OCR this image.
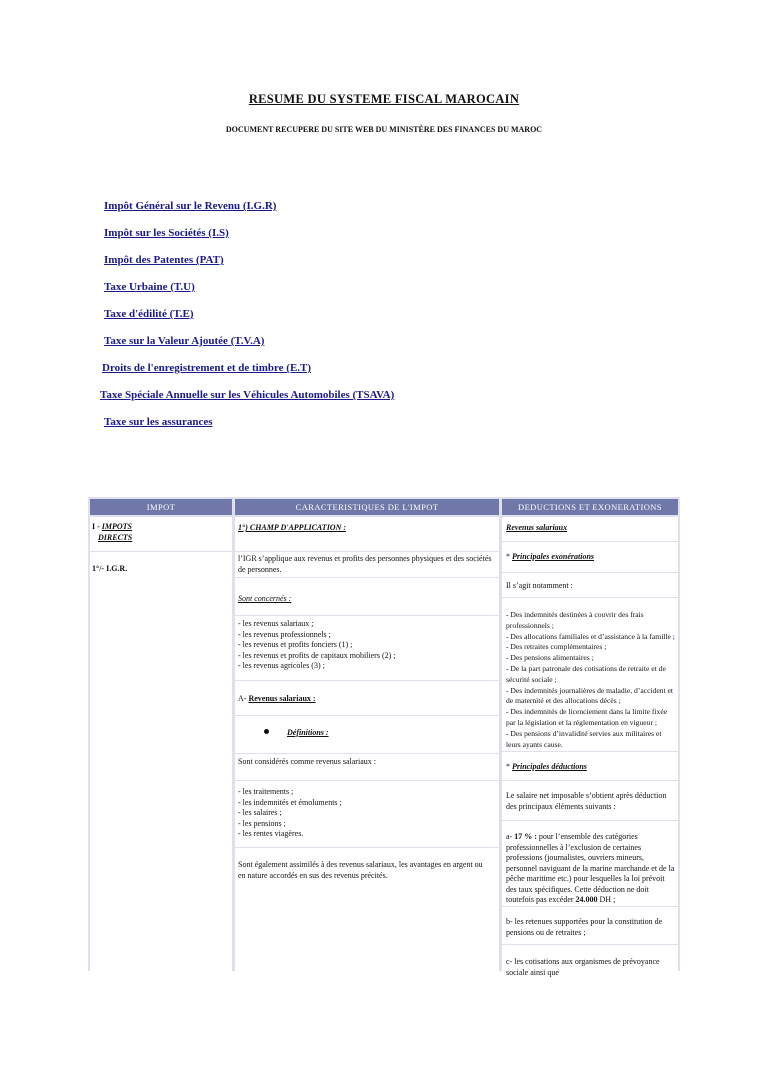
RESUME DU SYSTEME FISCAL MAROCAIN
DOCUMENT RECUPERE DU SITE WEB DU MINISTÈRE DES FINANCES DU MAROC
Impôt Général sur le Revenu (I.G.R)
Impôt sur les Sociétés (I.S)
Impôt des Patentes (PAT)
Taxe Urbaine (T.U)
Taxe d'édilité (T.E)
Taxe sur la Valeur Ajoutée (T.V.A)
Droits de l'enregistrement et de timbre (E.T)
Taxe Spéciale Annuelle sur les Véhicules Automobiles (TSAVA)
Taxe sur les assurances
IMPOT	CARACTERISTIQUES DE L'IMPOT	DEDUCTIONS ET EXONERATIONS
I - IMPOTS
DIRECTS
1°/- I.G.R.
1°) CHAMP D'APPLICATION :
l’IGR s’applique aux revenus et profits des personnes physiques et des sociétés de personnes.
Sont concernés :
- les revenus salariaux ;
- les revenus professionnels ;
- les revenus et profits fonciers (1) ;
- les revenus et profits de capitaux mobiliers (2) ;
- les revenus agricoles (3) ;
A- Revenus salariaux :
Définitions :
Sont considérés comme revenus salariaux :
- les traitements ;
- les indemnités et émoluments ;
- les salaires ;
- les pensions ;
- les rentes viagères.
Sont également assimilés à des revenus salariaux, les avantages en argent ou en nature accordés en sus des revenus précités.
Revenus salariaux
* Principales exonérations
Il s’agit notamment :
- Des indemnités destinées à couvrir des frais professionnels ;
- Des allocations familiales et d’assistance à la famille ;
- Des retraites complémentaires ;
- Des pensions alimentaires ;
- De la part patronale des cotisations de retraite et de sécurité sociale ;
- Des indemnités journalières de maladie, d’accident et de maternité et des allocations décès ;
- Des indemnités de licenciement dans la limite fixée par la législation et la réglementation en vigueur ;
- Des pensions d’invalidité servies aux militaires et leurs ayants cause.
* Principales déductions
Le salaire net imposable s’obtient après déduction des principaux éléments suivants :
a- 17 % : pour l’ensemble des catégories professionnelles à l’exclusion de certaines professions (journalistes, ouvriers mineurs, personnel naviguant de la marine marchande et de la pêche maritime etc.) pour lesquelles la loi prévoit des taux spécifiques. Cette déduction ne doit toutefois pas excéder 24.000 DH ;
b- les retenues supportées pour la constitution de pensions ou de retraites ;
c- les cotisations aux organismes de prévoyance sociale ainsi que
